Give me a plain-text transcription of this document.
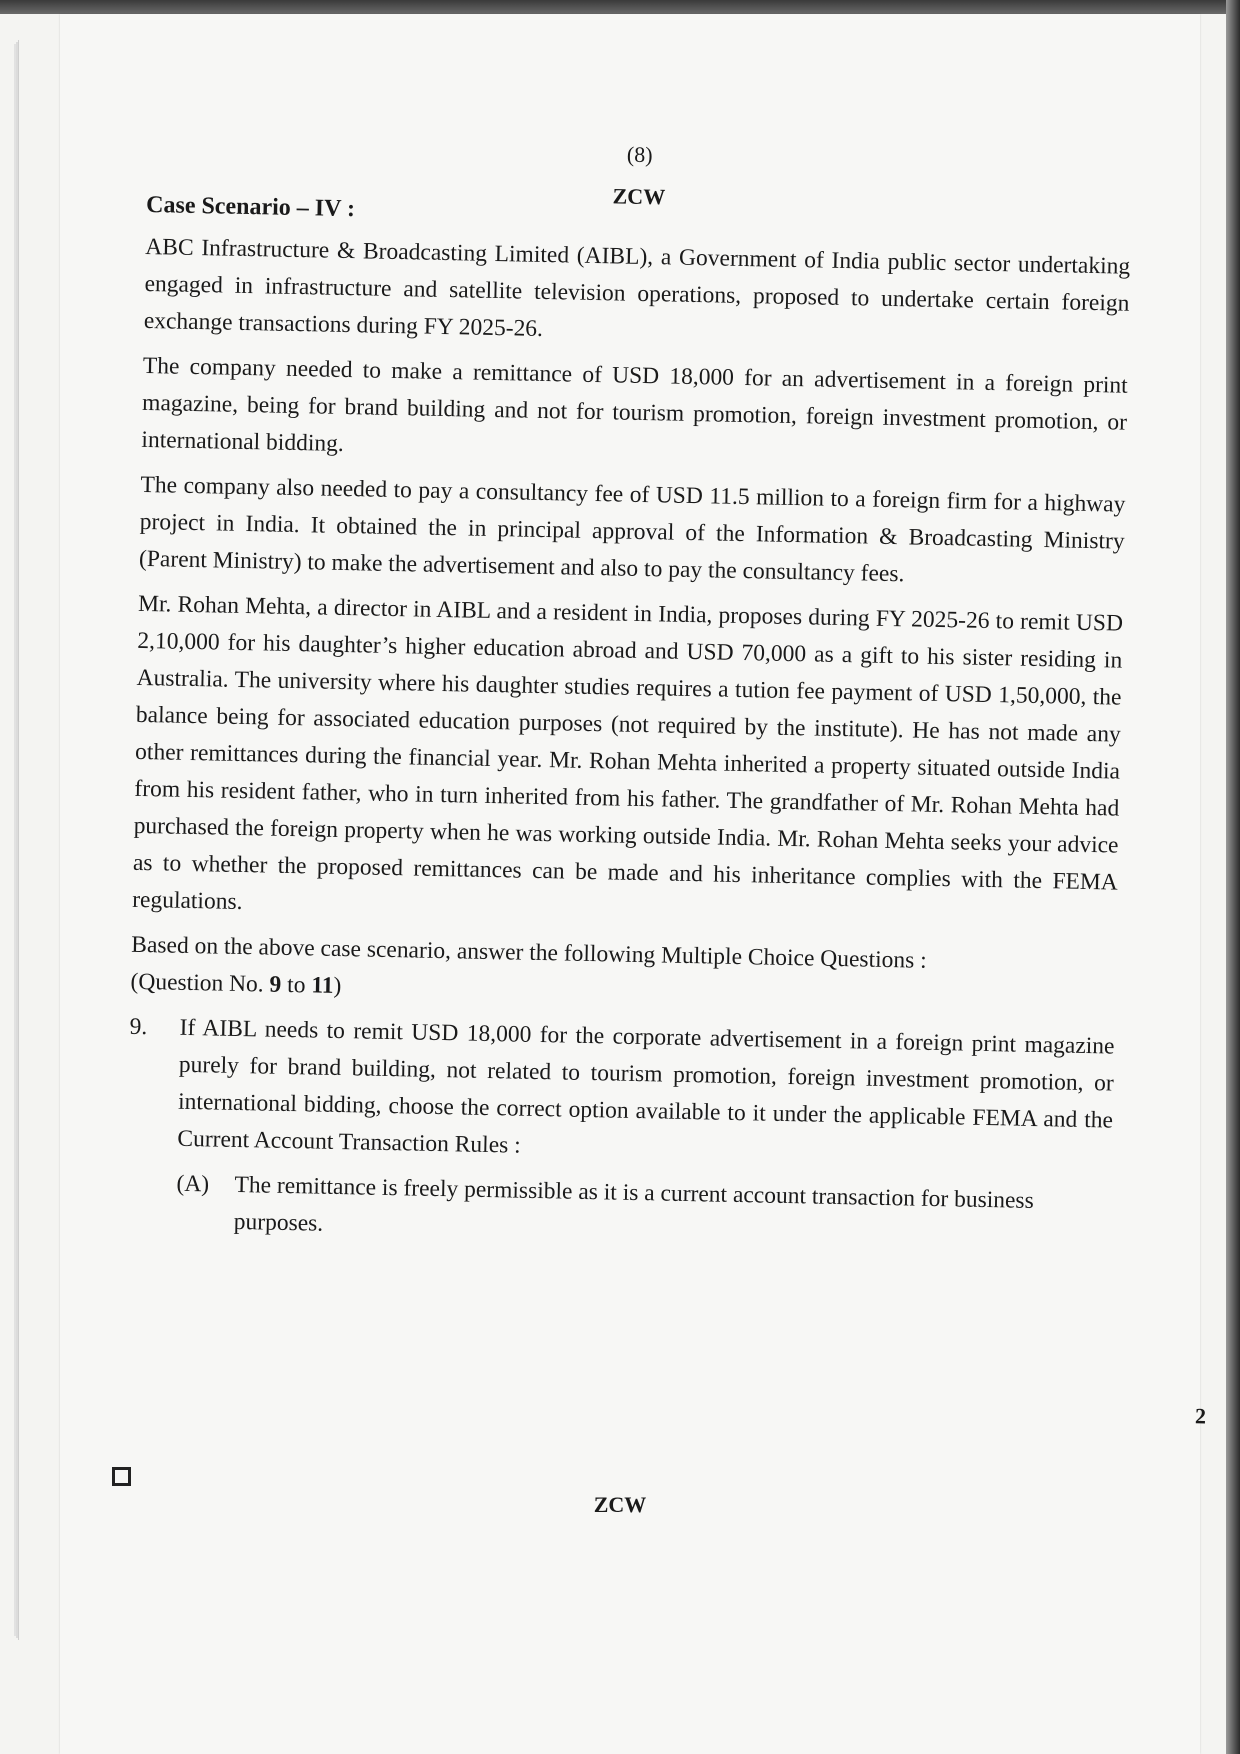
(8)
ZCW
Case Scenario – IV :

ABC Infrastructure & Broadcasting Limited (AIBL), a Government of India public sector undertaking engaged in infrastructure and satellite television operations, proposed to undertake certain foreign exchange transactions during FY 2025-26.

The company needed to make a remittance of USD 18,000 for an advertisement in a foreign print magazine, being for brand building and not for tourism promotion, foreign investment promotion, or international bidding.

The company also needed to pay a consultancy fee of USD 11.5 million to a foreign firm for a highway project in India. It obtained the in principal approval of the Information & Broadcasting Ministry (Parent Ministry) to make the advertisement and also to pay the consultancy fees.

Mr. Rohan Mehta, a director in AIBL and a resident in India, proposes during FY 2025-26 to remit USD 2,10,000 for his daughter’s higher education abroad and USD 70,000 as a gift to his sister residing in Australia. The university where his daughter studies requires a tution fee payment of USD 1,50,000, the balance being for associated education purposes (not required by the institute). He has not made any other remittances during the financial year. Mr. Rohan Mehta inherited a property situated outside India from his resident father, who in turn inherited from his father. The grandfather of Mr. Rohan Mehta had purchased the foreign property when he was working outside India. Mr. Rohan Mehta seeks your advice as to whether the proposed remittances can be made and his inheritance complies with the FEMA regulations.

Based on the above case scenario, answer the following Multiple Choice Questions :
(Question No. 9 to 11)

9.	If AIBL needs to remit USD 18,000 for the corporate advertisement in a foreign print magazine purely for brand building, not related to tourism promotion, foreign investment promotion, or international bidding, choose the correct option available to it under the applicable FEMA and the Current Account Transaction Rules :

(A)	The remittance is freely permissible as it is a current account transaction for business purposes.
2
ZCW
